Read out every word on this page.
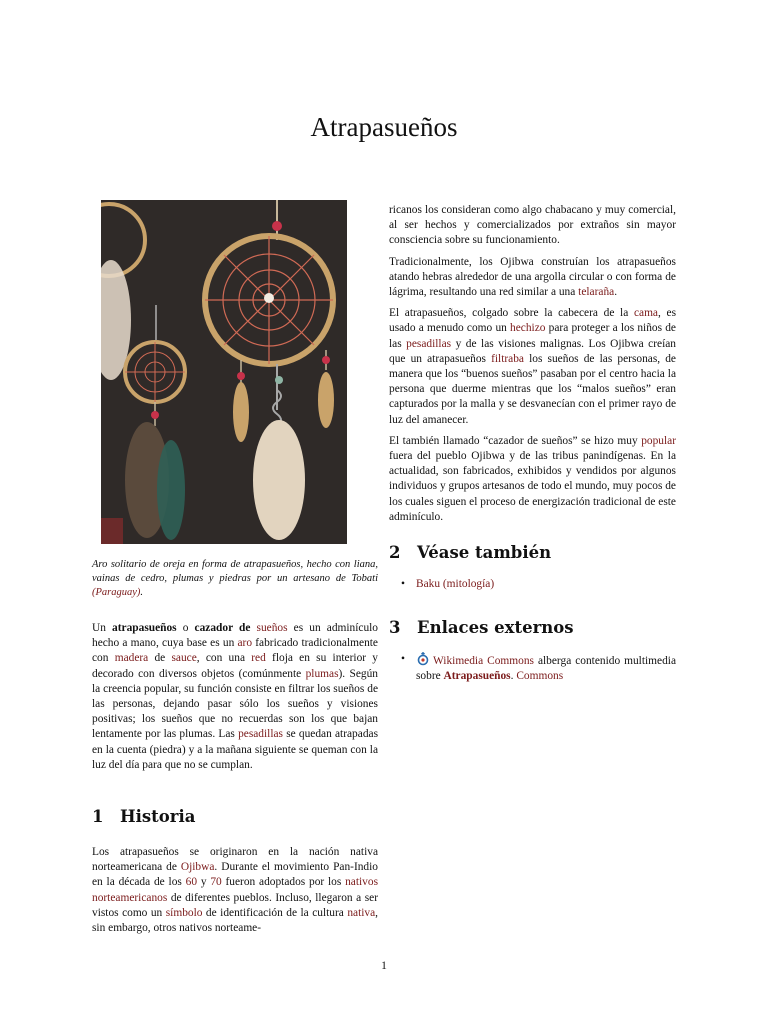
Atrapasueños
Aro solitario de oreja en forma de atrapasueños, hecho con liana, vainas de cedro, plumas y piedras por un artesano de Tobati (Paraguay).

Un atrapasueños o cazador de sueños es un adminículo hecho a mano, cuya base es un aro fabricado tradicionalmente con madera de sauce, con una red floja en su interior y decorado con diversos objetos (comúnmente plumas). Según la creencia popular, su función consiste en filtrar los sueños de las personas, dejando pasar sólo los sueños y visiones positivas; los sueños que no recuerdas son los que bajan lentamente por las plumas. Las pesadillas se quedan atrapadas en la cuenta (piedra) y a la mañana siguiente se queman con la luz del día para que no se cumplan.

1 Historia

Los atrapasueños se originaron en la nación nativa norteamericana de Ojibwa. Durante el movimiento Pan-Indio en la década de los 60 y 70 fueron adoptados por los nativos norteamericanos de diferentes pueblos. Incluso, llegaron a ser vistos como un símbolo de identificación de la cultura nativa, sin embargo, otros nativos norteame-

ricanos los consideran como algo chabacano y muy comercial, al ser hechos y comercializados por extraños sin mayor consciencia sobre su funcionamiento.

Tradicionalmente, los Ojibwa construían los atrapasueños atando hebras alrededor de una argolla circular o con forma de lágrima, resultando una red similar a una telaraña.

El atrapasueños, colgado sobre la cabecera de la cama, es usado a menudo como un hechizo para proteger a los niños de las pesadillas y de las visiones malignas. Los Ojibwa creían que un atrapasueños filtraba los sueños de las personas, de manera que los “buenos sueños” pasaban por el centro hacia la persona que duerme mientras que los “malos sueños” eran capturados por la malla y se desvanecían con el primer rayo de luz del amanecer.

El también llamado “cazador de sueños” se hizo muy popular fuera del pueblo Ojibwa y de las tribus panindígenas. En la actualidad, son fabricados, exhibidos y vendidos por algunos individuos y grupos artesanos de todo el mundo, muy pocos de los cuales siguen el proceso de energización tradicional de este adminículo.

2 Véase también
• Baku (mitología)
3 Enlaces externos
• Wikimedia Commons alberga contenido multimedia sobre Atrapasueños. Commons
1
